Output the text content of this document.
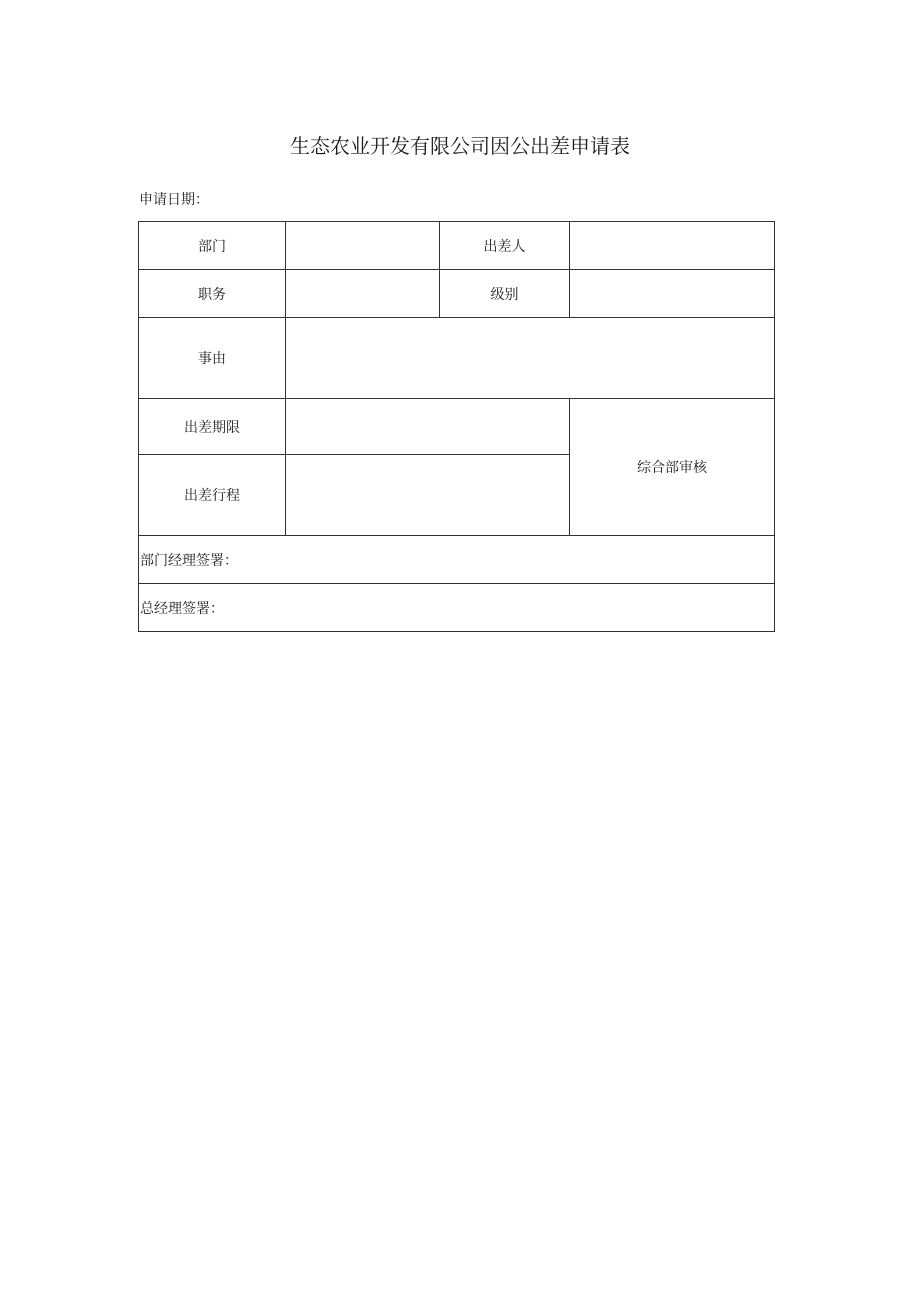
生态农业开发有限公司因公出差申请表
申请日期：
部门		出差人	
职务		级别	
事由			
出差期限			综合部审核
出差行程			
部门经理签署：			
总经理签署：			
